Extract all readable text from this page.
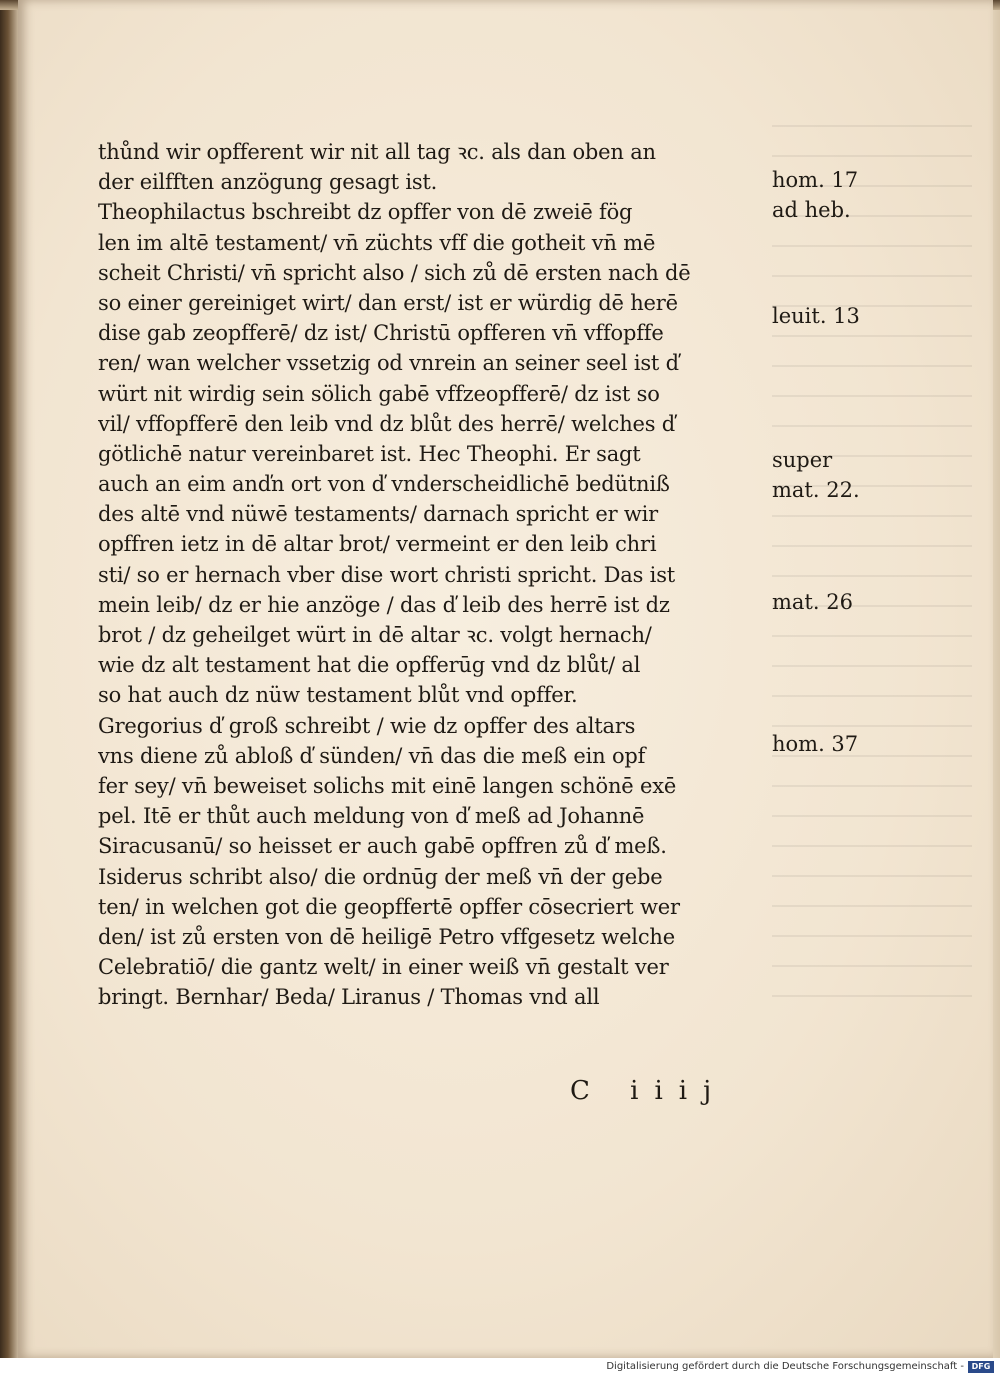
thůnd wir opfferent wir nit all tag ꝛc. als dan oben an
der eilfften anzögung gesagt ist.
Theophilactus bschreibt dz opffer von dē zweiē fög
len im altē testament/ vn̄ züchts vff die gothеit vn̄ mē
scheit Christi/ vn̄ spricht also / sich zů dē ersten nach dē
so einer gereiniget wirt/ dan erst/ ist er würdig dē herē
dise gab zeopfferē/ dz ist/ Christū opfferen vn̄ vffopffe
ren/ wan welcher vssetzig od vnrein an seiner seel ist ď
würt nit wirdig sein sölich gabē vffzeopfferē/ dz ist so
vil/ vffopfferē den leib vnd dz blůt des herrē/ welches ď
götlichē natur vereinbaret ist. Hec Theophi. Er sagt
auch an eim anďn ort von ď vnderscheidlichē bedütniß
des altē vnd nüwē testaments/ darnach spricht er wir
opffren ietz in dē altar brot/ vermeint er den leib chri
sti/ so er hernach vber dise wort christi spricht. Das ist
mein leib/ dz er hie anzöge / das ď leib des herrē ist dz
brot / dz geheilget würt in dē altar ꝛc. volgt hernach/
wie dz alt testament hat die opfferūg vnd dz blůt/ al
so hat auch dz nüw testament blůt vnd opffer.
Gregorius ď groß schreibt / wie dz opffer des altars
vns diene zů abloß ď sünden/ vn̄ das die meß ein opf
fer sey/ vn̄ beweiset solichs mit einē langen schönē exē
pel. Itē er thůt auch meldung von ď meß ad Johannē
Siracusanū/ so heisset er auch gabē opffren zů ď meß.
Isiderus schribt also/ die ordnūg der meß vn̄ der gebe
ten/ in welchen got die geopffertē opffer cōsecriert wer
den/ ist zů ersten von dē heiligē Petro vffgesetz welche
Celebratiō/ die gantz welt/ in einer weiß vn̄ gestalt ver
bringt. Bernhar/ Beda/ Liranus / Thomas vnd all
hom. 17
ad heb.
leuit. 13
super
mat. 22.
mat. 26
hom. 37
C iiij
Digitalisierung gefördert durch die Deutsche Forschungsgemeinschaft - DFG
